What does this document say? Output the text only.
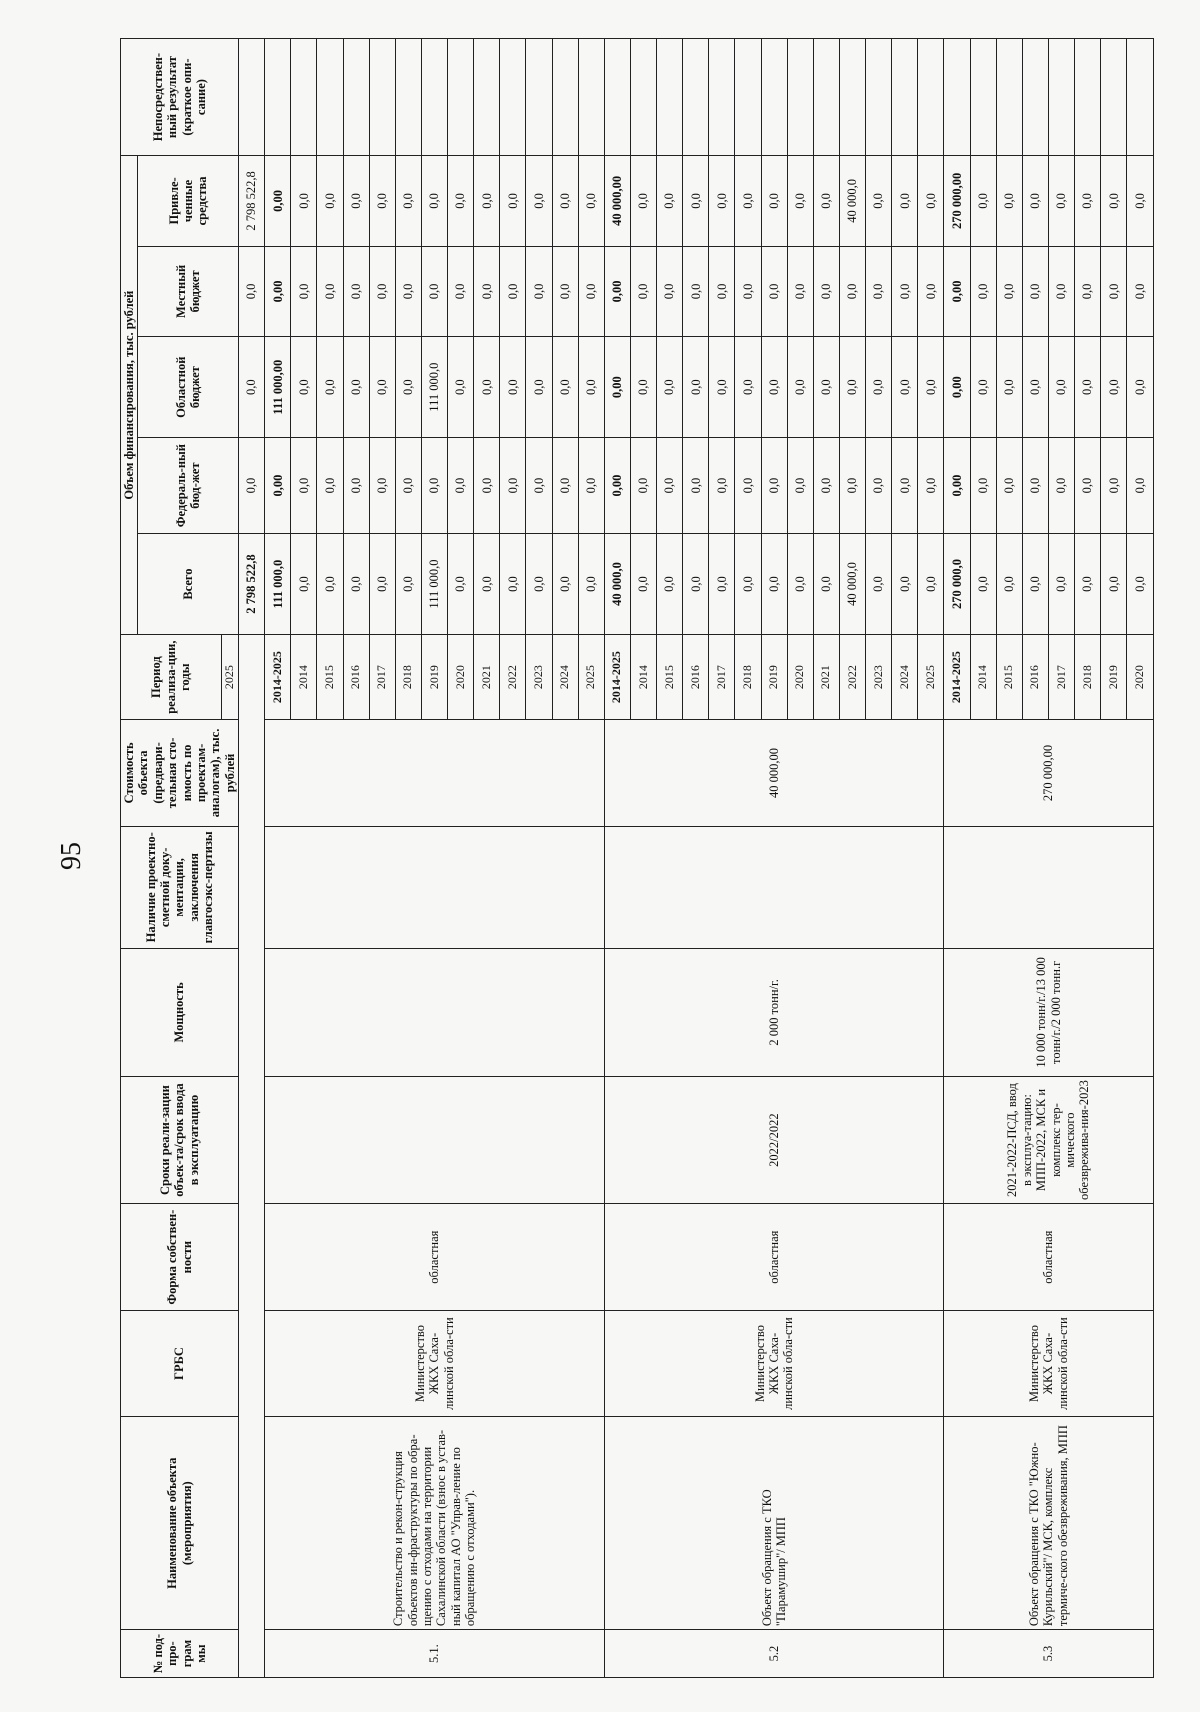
95
№ под-про-грам мы	Наименование объекта (мероприятия)	ГРБС	Форма собствен-ности	Сроки реали-зации объек-та/срок ввода в эксплуатацию	Мощность	Наличие проектно-сметной доку-ментации, заключения главгосэкс-пертизы	Стоимость объекта (предвари-тельная сто-имость по проектам-аналогам), тыс. рублей	Период реализа-ции, годы	Объем финансирования, тыс. рублей					Непосредствен-ный результат (краткое опи-сание)
									Всего	Федераль-ный бюд-жет	Областной бюджет	Местный бюджет	Привле-ченные средства	
								2025						
									2 798 522,8	0,0	0,0	0,0	2 798 522,8	
5.1.	Строительство и рекон-струкция объектов ин-фраструктуры по обра-щению с отходами на территории Сахалинской области (взнос в устав-ный капитал АО "Управ-ление по обращению с отходами").	Министерство ЖКХ Саха-линской обла-сти	областная					2014-2025	111 000,0	0,00	111 000,00	0,00	0,00	
								2014	0,0	0,0	0,0	0,0	0,0	
								2015	0,0	0,0	0,0	0,0	0,0	
								2016	0,0	0,0	0,0	0,0	0,0	
								2017	0,0	0,0	0,0	0,0	0,0	
								2018	0,0	0,0	0,0	0,0	0,0	
								2019	111 000,0	0,0	111 000,0	0,0	0,0	
								2020	0,0	0,0	0,0	0,0	0,0	
								2021	0,0	0,0	0,0	0,0	0,0	
								2022	0,0	0,0	0,0	0,0	0,0	
								2023	0,0	0,0	0,0	0,0	0,0	
								2024	0,0	0,0	0,0	0,0	0,0	
								2025	0,0	0,0	0,0	0,0	0,0	
5.2	Объект обращения с ТКО "Парамушир"/ МПП	Министерство ЖКХ Саха-линской обла-сти	областная	2022/2022	2 000 тонн/г.		40 000,00	2014-2025	40 000,0	0,00	0,00	0,00	40 000,00	
								2014	0,0	0,0	0,0	0,0	0,0	
								2015	0,0	0,0	0,0	0,0	0,0	
								2016	0,0	0,0	0,0	0,0	0,0	
								2017	0,0	0,0	0,0	0,0	0,0	
								2018	0,0	0,0	0,0	0,0	0,0	
								2019	0,0	0,0	0,0	0,0	0,0	
								2020	0,0	0,0	0,0	0,0	0,0	
								2021	0,0	0,0	0,0	0,0	0,0	
								2022	40 000,0	0,0	0,0	0,0	40 000,0	
								2023	0,0	0,0	0,0	0,0	0,0	
								2024	0,0	0,0	0,0	0,0	0,0	
								2025	0,0	0,0	0,0	0,0	0,0	
5.3	Объект обращения с ТКО "Южно-Курильский"/ МСК, комплекс термиче-ского обезвреживания, МПП	Министерство ЖКХ Саха-линской обла-сти	областная	2021-2022-ПСД, ввод в эксплуа-тацию: МПП-2022, МСК и комплекс тер-мического обезврежива-ния-2023	10 000 тонн/г./13 000 тонн/г./2 000 тонн.г		270 000,00	2014-2025	270 000,0	0,00	0,00	0,00	270 000,00	
								2014	0,0	0,0	0,0	0,0	0,0	
								2015	0,0	0,0	0,0	0,0	0,0	
								2016	0,0	0,0	0,0	0,0	0,0	
								2017	0,0	0,0	0,0	0,0	0,0	
								2018	0,0	0,0	0,0	0,0	0,0	
								2019	0,0	0,0	0,0	0,0	0,0	
								2020	0,0	0,0	0,0	0,0	0,0	
